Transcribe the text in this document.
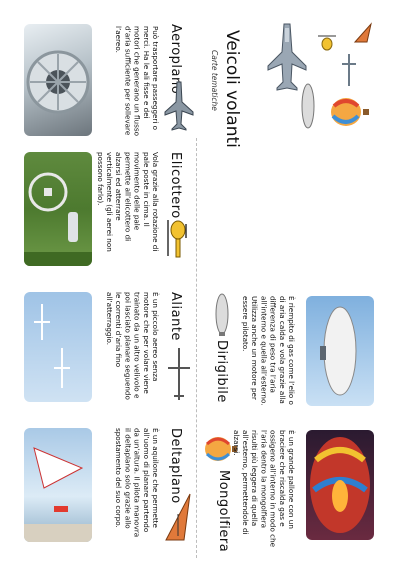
Veicoli volanti
Carte tematiche
Aeroplano
Può trasportare passeggeri o merci. Ha le ali fisse e dei motori che generano un flusso d’aria sufficiente per sollevare l’aereo.
Elicottero
Vola grazie alla rotazione di pale poste in cima. Il movimento delle pale permette all’elicottero di alzarsi ed atterrare verticalmente (gli aerei non possono farlo).
Aliante
È un piccolo aereo senza motore che per volare viene trainato da un altro velivolo e poi lasciato planare seguendo le correnti d’aria fino all’atterraggio.
Deltaplano
È un aquilone che permette all’uomo di planare partendo da un’altura. Il pilota manovra il deltaplano solo grazie allo spostamento del suo corpo.
Dirigibile	È riempito di gas come l’elio o di aria calda e vola grazie alla differenza di peso tra l’aria all’interno e quella all’esterno. Utilizza anche un motore per essere pilotato.
Mongolfiera	È un grande pallone con un braciere che riscalda gas e ossigeno all’interno in modo che l’aria dentro la mongolfiera risulti più leggera di quella all’esterno, permettendole di alzarsi.
